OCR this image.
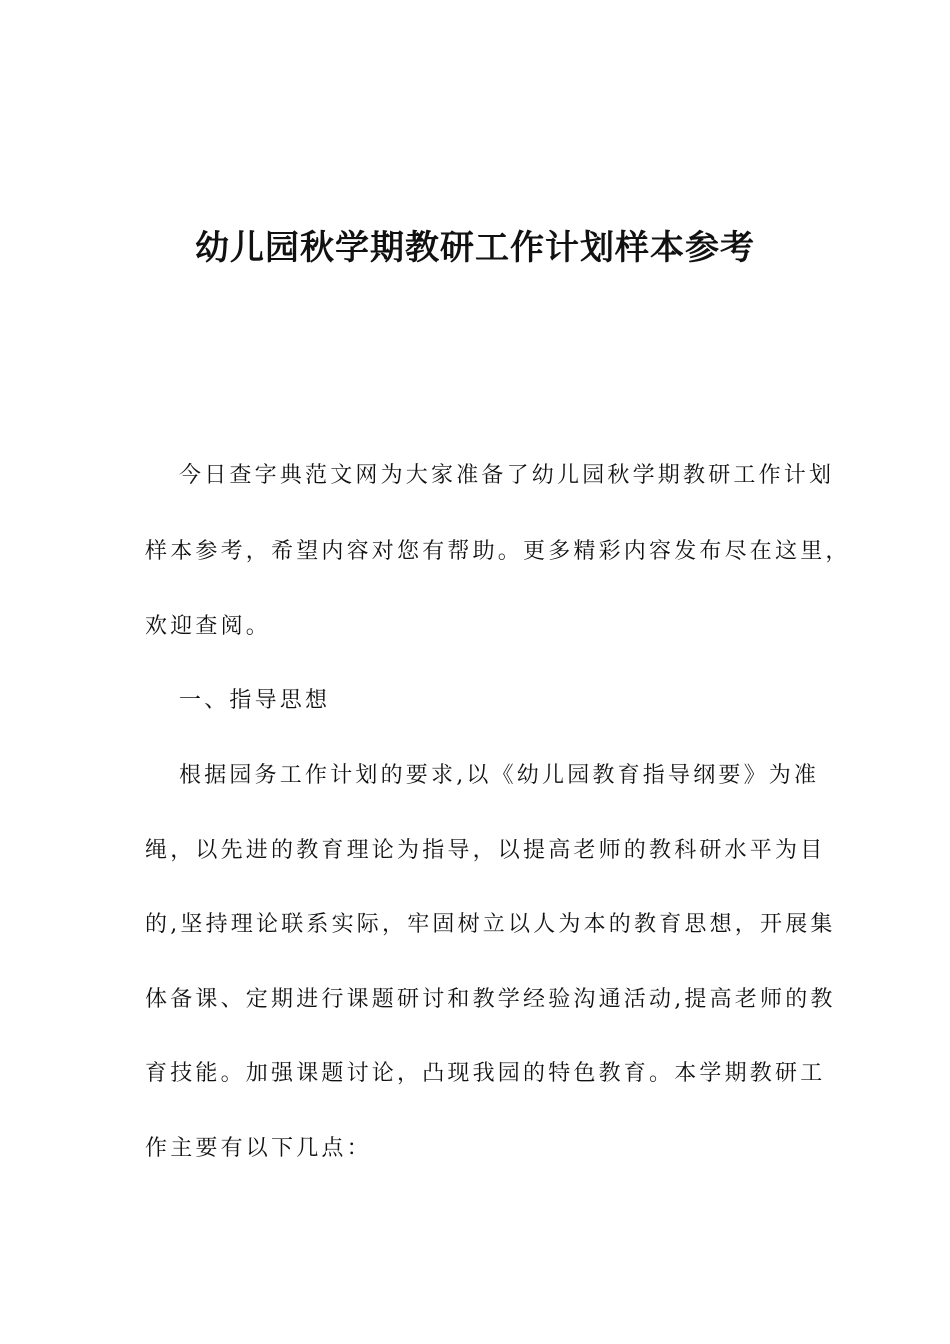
幼儿园秋学期教研工作计划样本参考
今日查字典范文网为大家准备了幼儿园秋学期教研工作计划
样本参考，希望内容对您有帮助。更多精彩内容发布尽在这里，
欢迎查阅。
一、指导思想
根据园务工作计划的要求,以《幼儿园教育指导纲要》为准
绳，以先进的教育理论为指导，以提高老师的教科研水平为目
的,坚持理论联系实际，牢固树立以人为本的教育思想，开展集
体备课、定期进行课题研讨和教学经验沟通活动,提高老师的教
育技能。加强课题讨论，凸现我园的特色教育。本学期教研工
作主要有以下几点：
